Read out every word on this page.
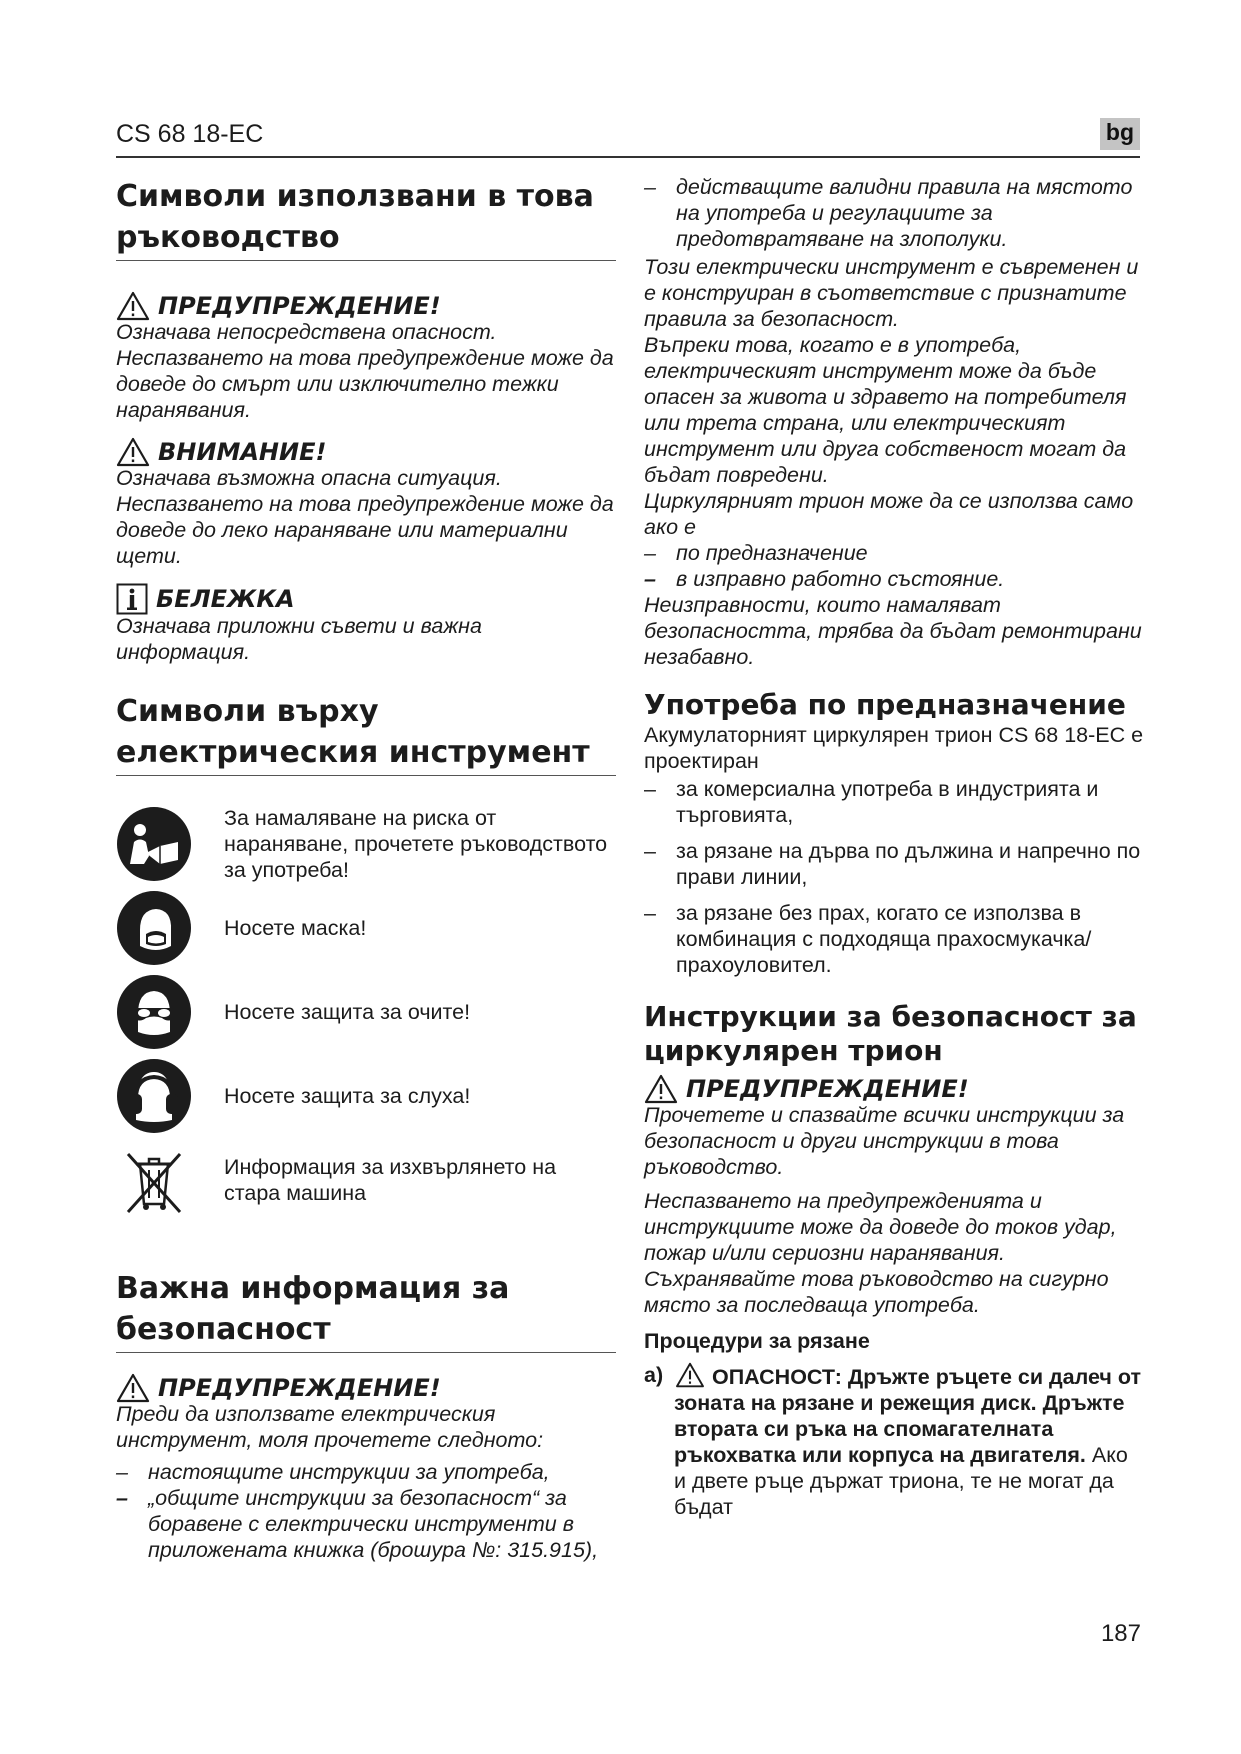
CS 68 18-EC	bg
Символи използвани в това ръководство
ПРЕДУПРЕЖДЕНИЕ!

Означава непосредствена опасност. Неспазването на това предупреждение може да доведе до смърт или изключително тежки наранявания.

ВНИМАНИЕ!

Означава възможна опасна ситуация. Неспазването на това предупреждение може да доведе до леко нараняване или материални щети.

БЕЛЕЖКА

Означава приложни съвети и важна информация.

Символи върху електрическия инструмент
За намаляване на риска от нараняване, прочетете ръководството за употреба!
Носете маска!
Носете защита за очите!
Носете защита за слуха!
Информация за изхвърлянето на стара машина
Важна информация за безопасност
ПРЕДУПРЕЖДЕНИЕ!

Преди да използвате електрическия инструмент, моля прочетете следното:

– настоящите инструкции за употреба,
– „общите инструкции за безопасност“ за боравене с електрически инструменти в приложената книжка (брошура №: 315.915),
– действащите валидни правила на мястото на употреба и регулациите за предотвратяване на злополуки.

Този електрически инструмент е съвременен и е конструиран в съответствие с признатите правила за безопасност.

Въпреки това, когато е в употреба, електрическият инструмент може да бъде опасен за живота и здравето на потребителя или трета страна, или електрическият инструмент или друга собственост могат да бъдат повредени.

Циркулярният трион може да се използва само ако е

– по предназначение
– в изправно работно състояние.

Неизправности, които намаляват безопасността, трябва да бъдат ремонтирани незабавно.

Употреба по предназначение

Акумулаторният циркулярен трион CS 68 18-EC е проектиран

– за комерсиална употреба в индустрията и търговията,
– за рязане на дърва по дължина и напречно по прави линии,
– за рязане без прах, когато се използва в комбинация с подходяща прахосмукачка/ прахоуловител.
Инструкции за безопасност за циркулярен трион
ПРЕДУПРЕЖДЕНИЕ!

Прочетете и спазвайте всички инструкции за безопасност и други инструкции в това ръководство.

Неспазването на предупрежденията и инструкциите може да доведе до токов удар, пожар и/или сериозни наранявания. Съхранявайте това ръководство на сигурно място за последваща употреба.

Процедури за рязане

a)	ОПАСНОСТ: Дръжте ръцете си далеч от зоната на рязане и режещия диск. Дръжте втората си ръка на спомагателната ръкохватка или корпуса на двигателя. Ако и двете ръце държат триона, те не могат да бъдат
187
